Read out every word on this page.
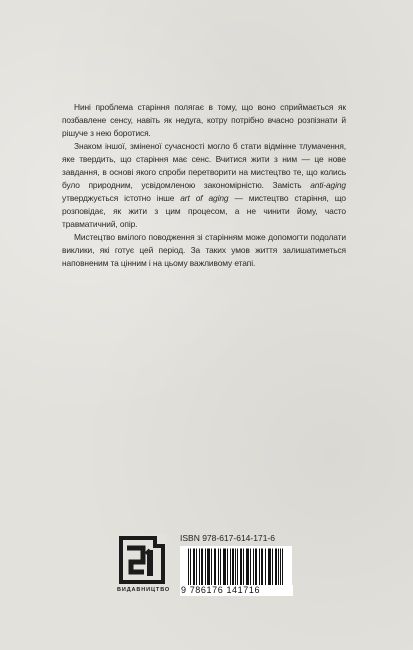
Нині проблема старіння полягає в тому, що воно сприймається як позбавлене сенсу, навіть як недуга, котру потрібно вчасно розпізнати й рішуче з нею боротися.

Знаком іншої, зміненої сучасності могло б стати відмінне тлумачення, яке твердить, що старіння має сенс. Вчитися жити з ним — це нове завдання, в основі якого спроби перетворити на мистецтво те, що колись було природним, усвідомленою закономірністю. Замість anti-aging утверджується істотно інше art of aging — мистецтво старіння, що розповідає, як жити з цим процесом, а не чинити йому, часто травматичний, опір.

Мистецтво вмілого поводження зі старінням може допомогти подолати виклики, які готує цей період. За таких умов життя залишатиметься наповненим та цінним і на цьому важливому етапі.

ВИДАВНИЦТВО
ISBN 978-617-614-171-6
9 786176 141716
